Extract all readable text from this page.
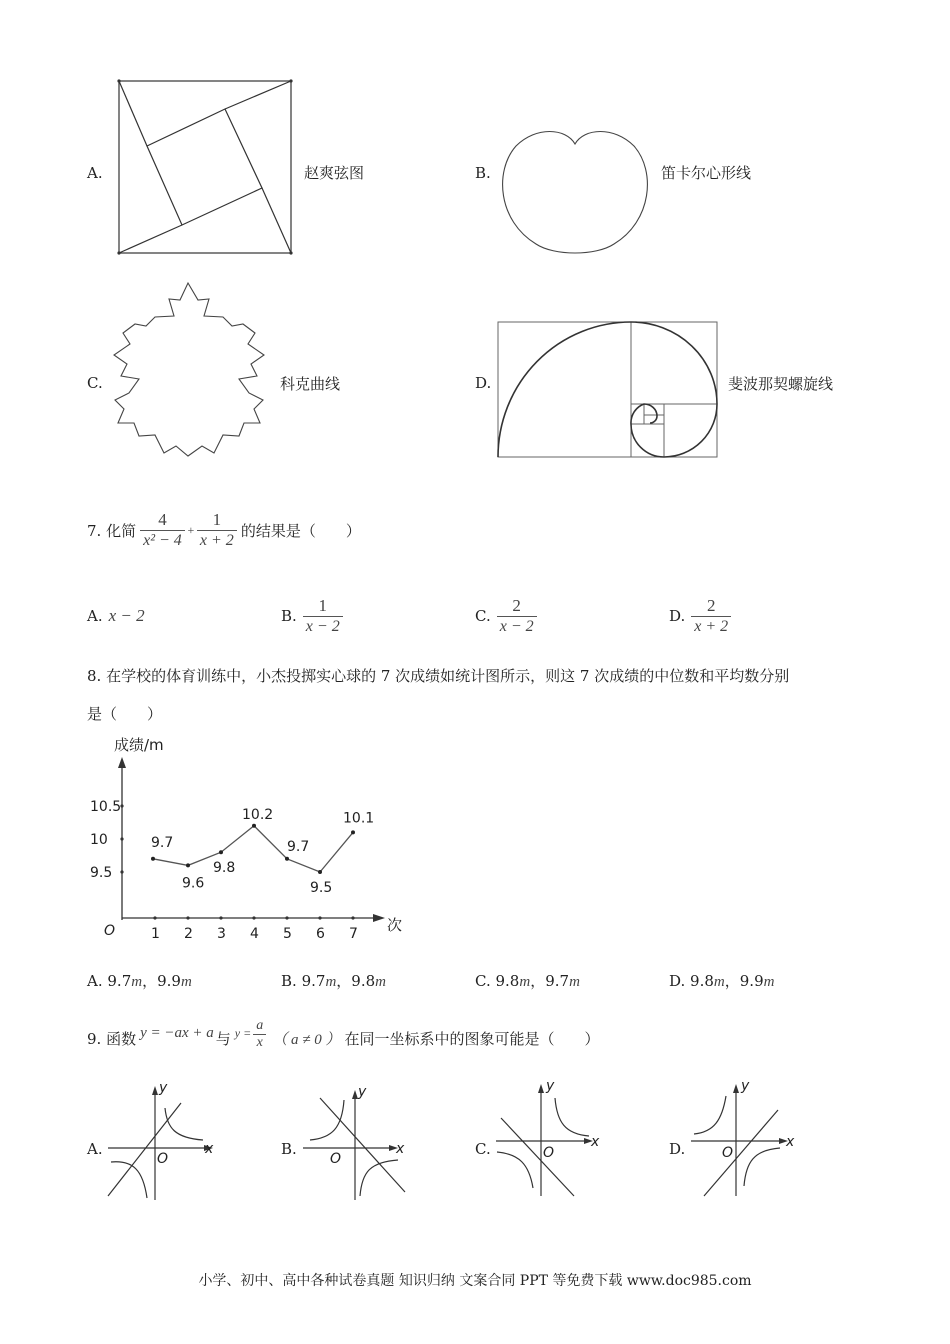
A.	赵爽弦图	B.	笛卡尔心形线
C.	科克曲线	D.	斐波那契螺旋线
7. 化简 $\frac{4}{\text{x² − 4}} + \frac{1}{x + 2}$ 的结果是（　　）
A. x − 2	B. $\frac{1}{x - 2}$	C. $\frac{2}{x - 2}$	D. $\frac{2}{x + 2}$
8. 在学校的体育训练中，小杰投掷实心球的 7 次成绩如统计图所示，则这 7 次成绩的中位数和平均数分别
是（　　）
成绩/m
次
O	1 2 3 4 5 6 7
9.5
10
10.5
9.7
9.6
9.8
10.2
9.7
9.5
10.1
A. 9.7m，9.9m	B. 9.7m，9.8m	C. 9.8m，9.7m	D. 9.8m，9.9m
9. 函数 y = −ax + a 与 $y = \frac{a}{x}$ （ a ≠ 0 ） 在同一坐标系中的图象可能是（　　）
A.
y
x
O
B.
y
x
O
C.
y
x
O	D.
y
x
O
小学、初中、高中各种试卷真题 知识归纳 文案合同 PPT 等免费下载 www.doc985.com
